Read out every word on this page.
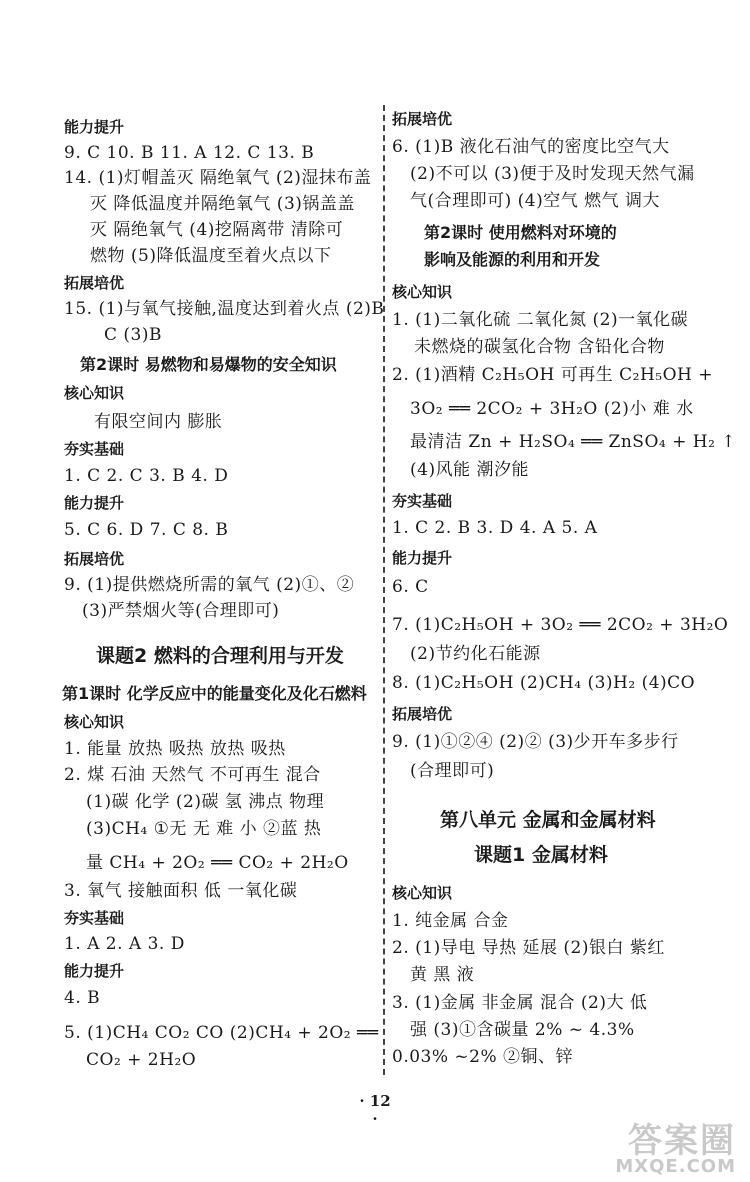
能力提升
9. C 10. B 11. A 12. C 13. B
14. (1)灯帽盖灭 隔绝氧气 (2)湿抹布盖
灭 降低温度并隔绝氧气 (3)锅盖盖
灭 隔绝氧气 (4)挖隔离带 清除可
燃物 (5)降低温度至着火点以下
拓展培优
15. (1)与氧气接触,温度达到着火点 (2)B
C (3)B
第2课时 易燃物和易爆物的安全知识
核心知识
有限空间内 膨胀
夯实基础
1. C 2. C 3. B 4. D
能力提升
5. C 6. D 7. C 8. B
拓展培优
9. (1)提供燃烧所需的氧气 (2)①、②
(3)严禁烟火等(合理即可)
课题2 燃料的合理利用与开发
第1课时 化学反应中的能量变化及化石燃料
核心知识
1. 能量 放热 吸热 放热 吸热
2. 煤 石油 天然气 不可再生 混合
(1)碳 化学 (2)碳 氢 沸点 物理
(3)CH₄ ①无 无 难 小 ②蓝 热
量 CH₄ + 2O₂ ══ CO₂ + 2H₂O
3. 氧气 接触面积 低 一氧化碳
夯实基础
1. A 2. A 3. D
能力提升
4. B
5. (1)CH₄ CO₂ CO (2)CH₄ + 2O₂ ══
CO₂ + 2H₂O
拓展培优
6. (1)B 液化石油气的密度比空气大
(2)不可以 (3)便于及时发现天然气漏
气(合理即可) (4)空气 燃气 调大
第2课时 使用燃料对环境的
影响及能源的利用和开发
核心知识
1. (1)二氧化硫 二氧化氮 (2)一氧化碳
未燃烧的碳氢化合物 含铅化合物
2. (1)酒精 C₂H₅OH 可再生 C₂H₅OH +
3O₂ ══ 2CO₂ + 3H₂O (2)小 难 水
最清洁 Zn + H₂SO₄ ══ ZnSO₄ + H₂ ↑
(4)风能 潮汐能
夯实基础
1. C 2. B 3. D 4. A 5. A
能力提升
6. C
7. (1)C₂H₅OH + 3O₂ ══ 2CO₂ + 3H₂O
(2)节约化石能源
8. (1)C₂H₅OH (2)CH₄ (3)H₂ (4)CO
拓展培优
9. (1)①②④ (2)② (3)少开车多步行
(合理即可)
第八单元 金属和金属材料
课题1 金属材料
核心知识
1. 纯金属 合金
2. (1)导电 导热 延展 (2)银白 紫红
黄 黑 液
3. (1)金属 非金属 混合 (2)大 低
强 (3)①含碳量 2% ~ 4.3%
0.03% ~2% ②铜、锌
· 12 ·
答案圈
MXQE.COM
